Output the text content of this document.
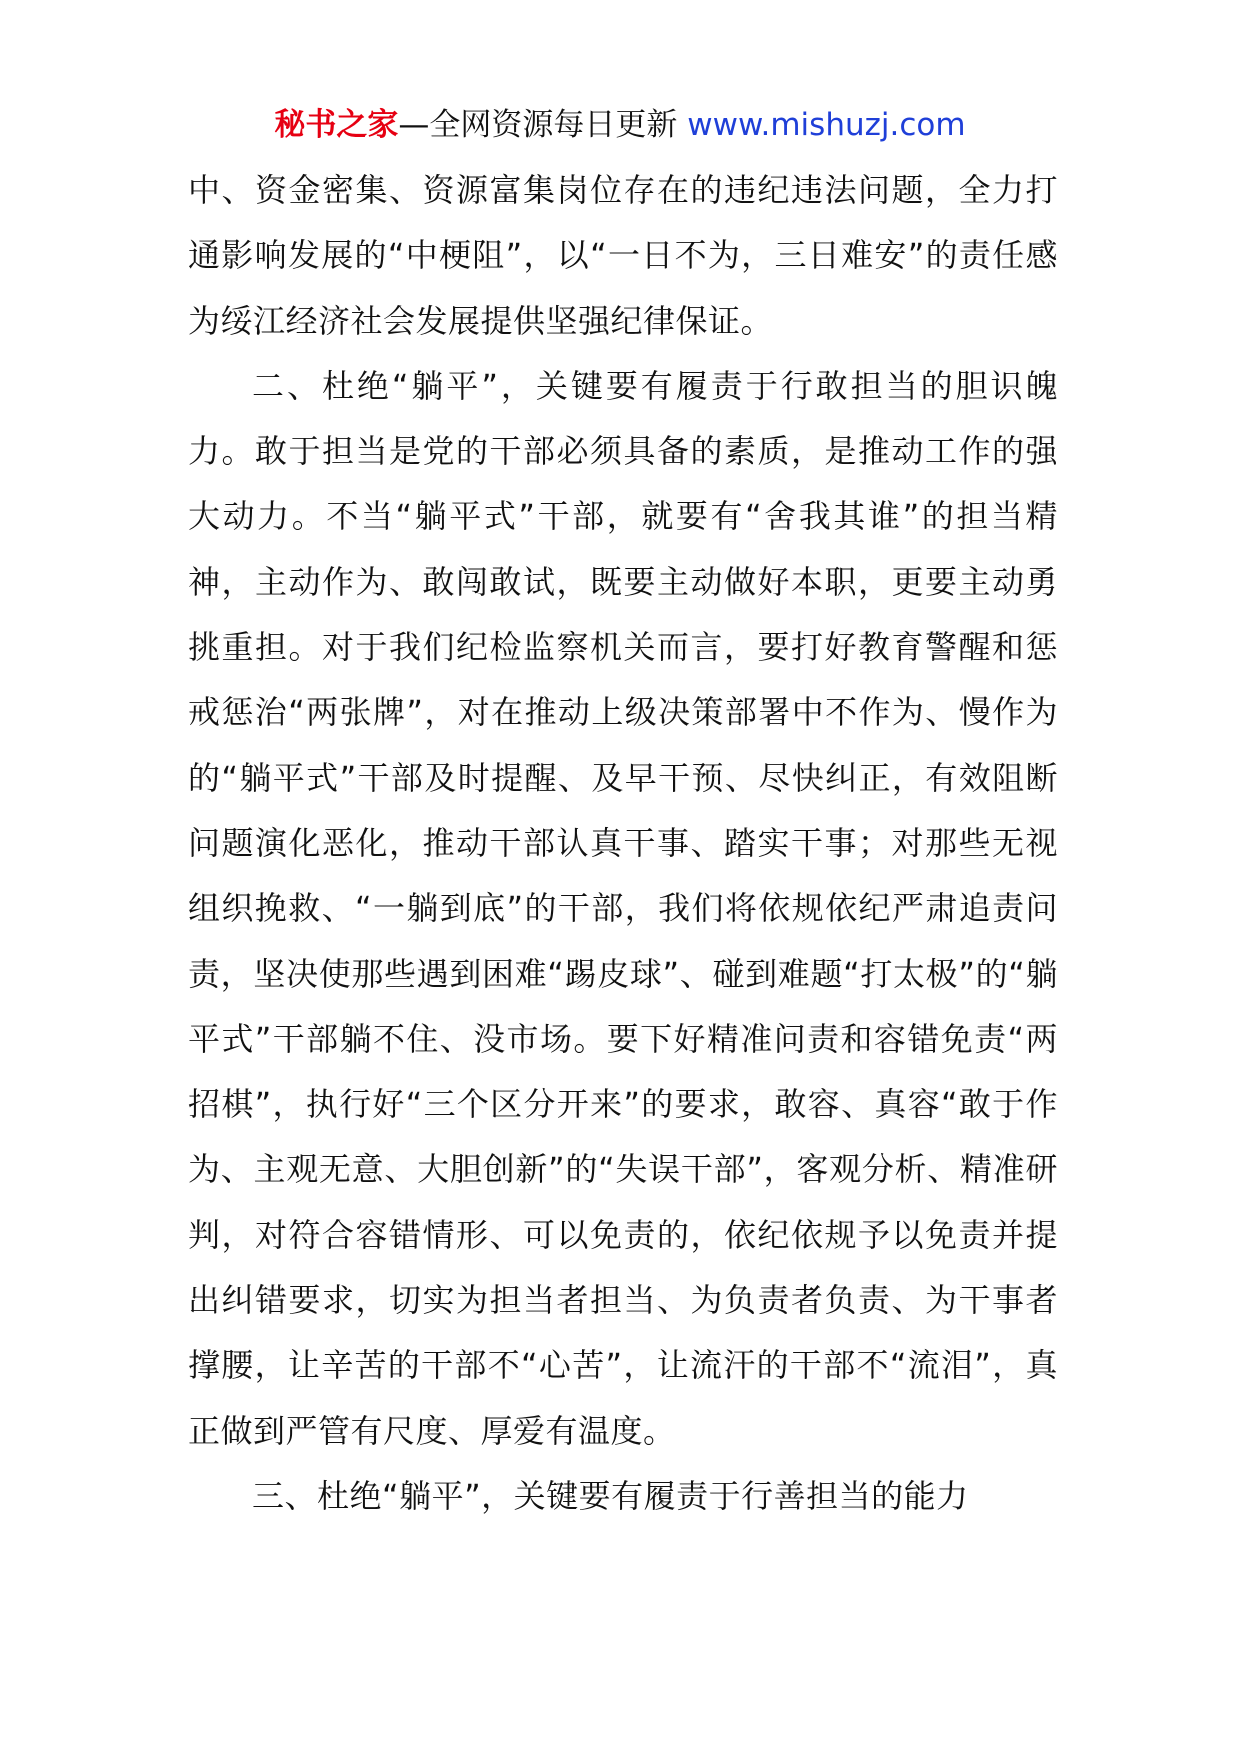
秘书之家—全网资源每日更新 www.mishuzj.com

中、资金密集、资源富集岗位存在的违纪违法问题，全力打通影响发展的“中梗阻”，以“一日不为，三日难安”的责任感为绥江经济社会发展提供坚强纪律保证。

二、杜绝“躺平”，关键要有履责于行敢担当的胆识魄力。敢于担当是党的干部必须具备的素质，是推动工作的强大动力。不当“躺平式”干部，就要有“舍我其谁”的担当精神，主动作为、敢闯敢试，既要主动做好本职，更要主动勇挑重担。对于我们纪检监察机关而言，要打好教育警醒和惩戒惩治“两张牌”，对在推动上级决策部署中不作为、慢作为的“躺平式”干部及时提醒、及早干预、尽快纠正，有效阻断问题演化恶化，推动干部认真干事、踏实干事；对那些无视组织挽救、“一躺到底”的干部，我们将依规依纪严肃追责问责，坚决使那些遇到困难“踢皮球”、碰到难题“打太极”的“躺平式”干部躺不住、没市场。要下好精准问责和容错免责“两招棋”，执行好“三个区分开来”的要求，敢容、真容“敢于作为、主观无意、大胆创新”的“失误干部”，客观分析、精准研判，对符合容错情形、可以免责的，依纪依规予以免责并提出纠错要求，切实为担当者担当、为负责者负责、为干事者撑腰，让辛苦的干部不“心苦”，让流汗的干部不“流泪”，真正做到严管有尺度、厚爱有温度。

三、杜绝“躺平”，关键要有履责于行善担当的能力
